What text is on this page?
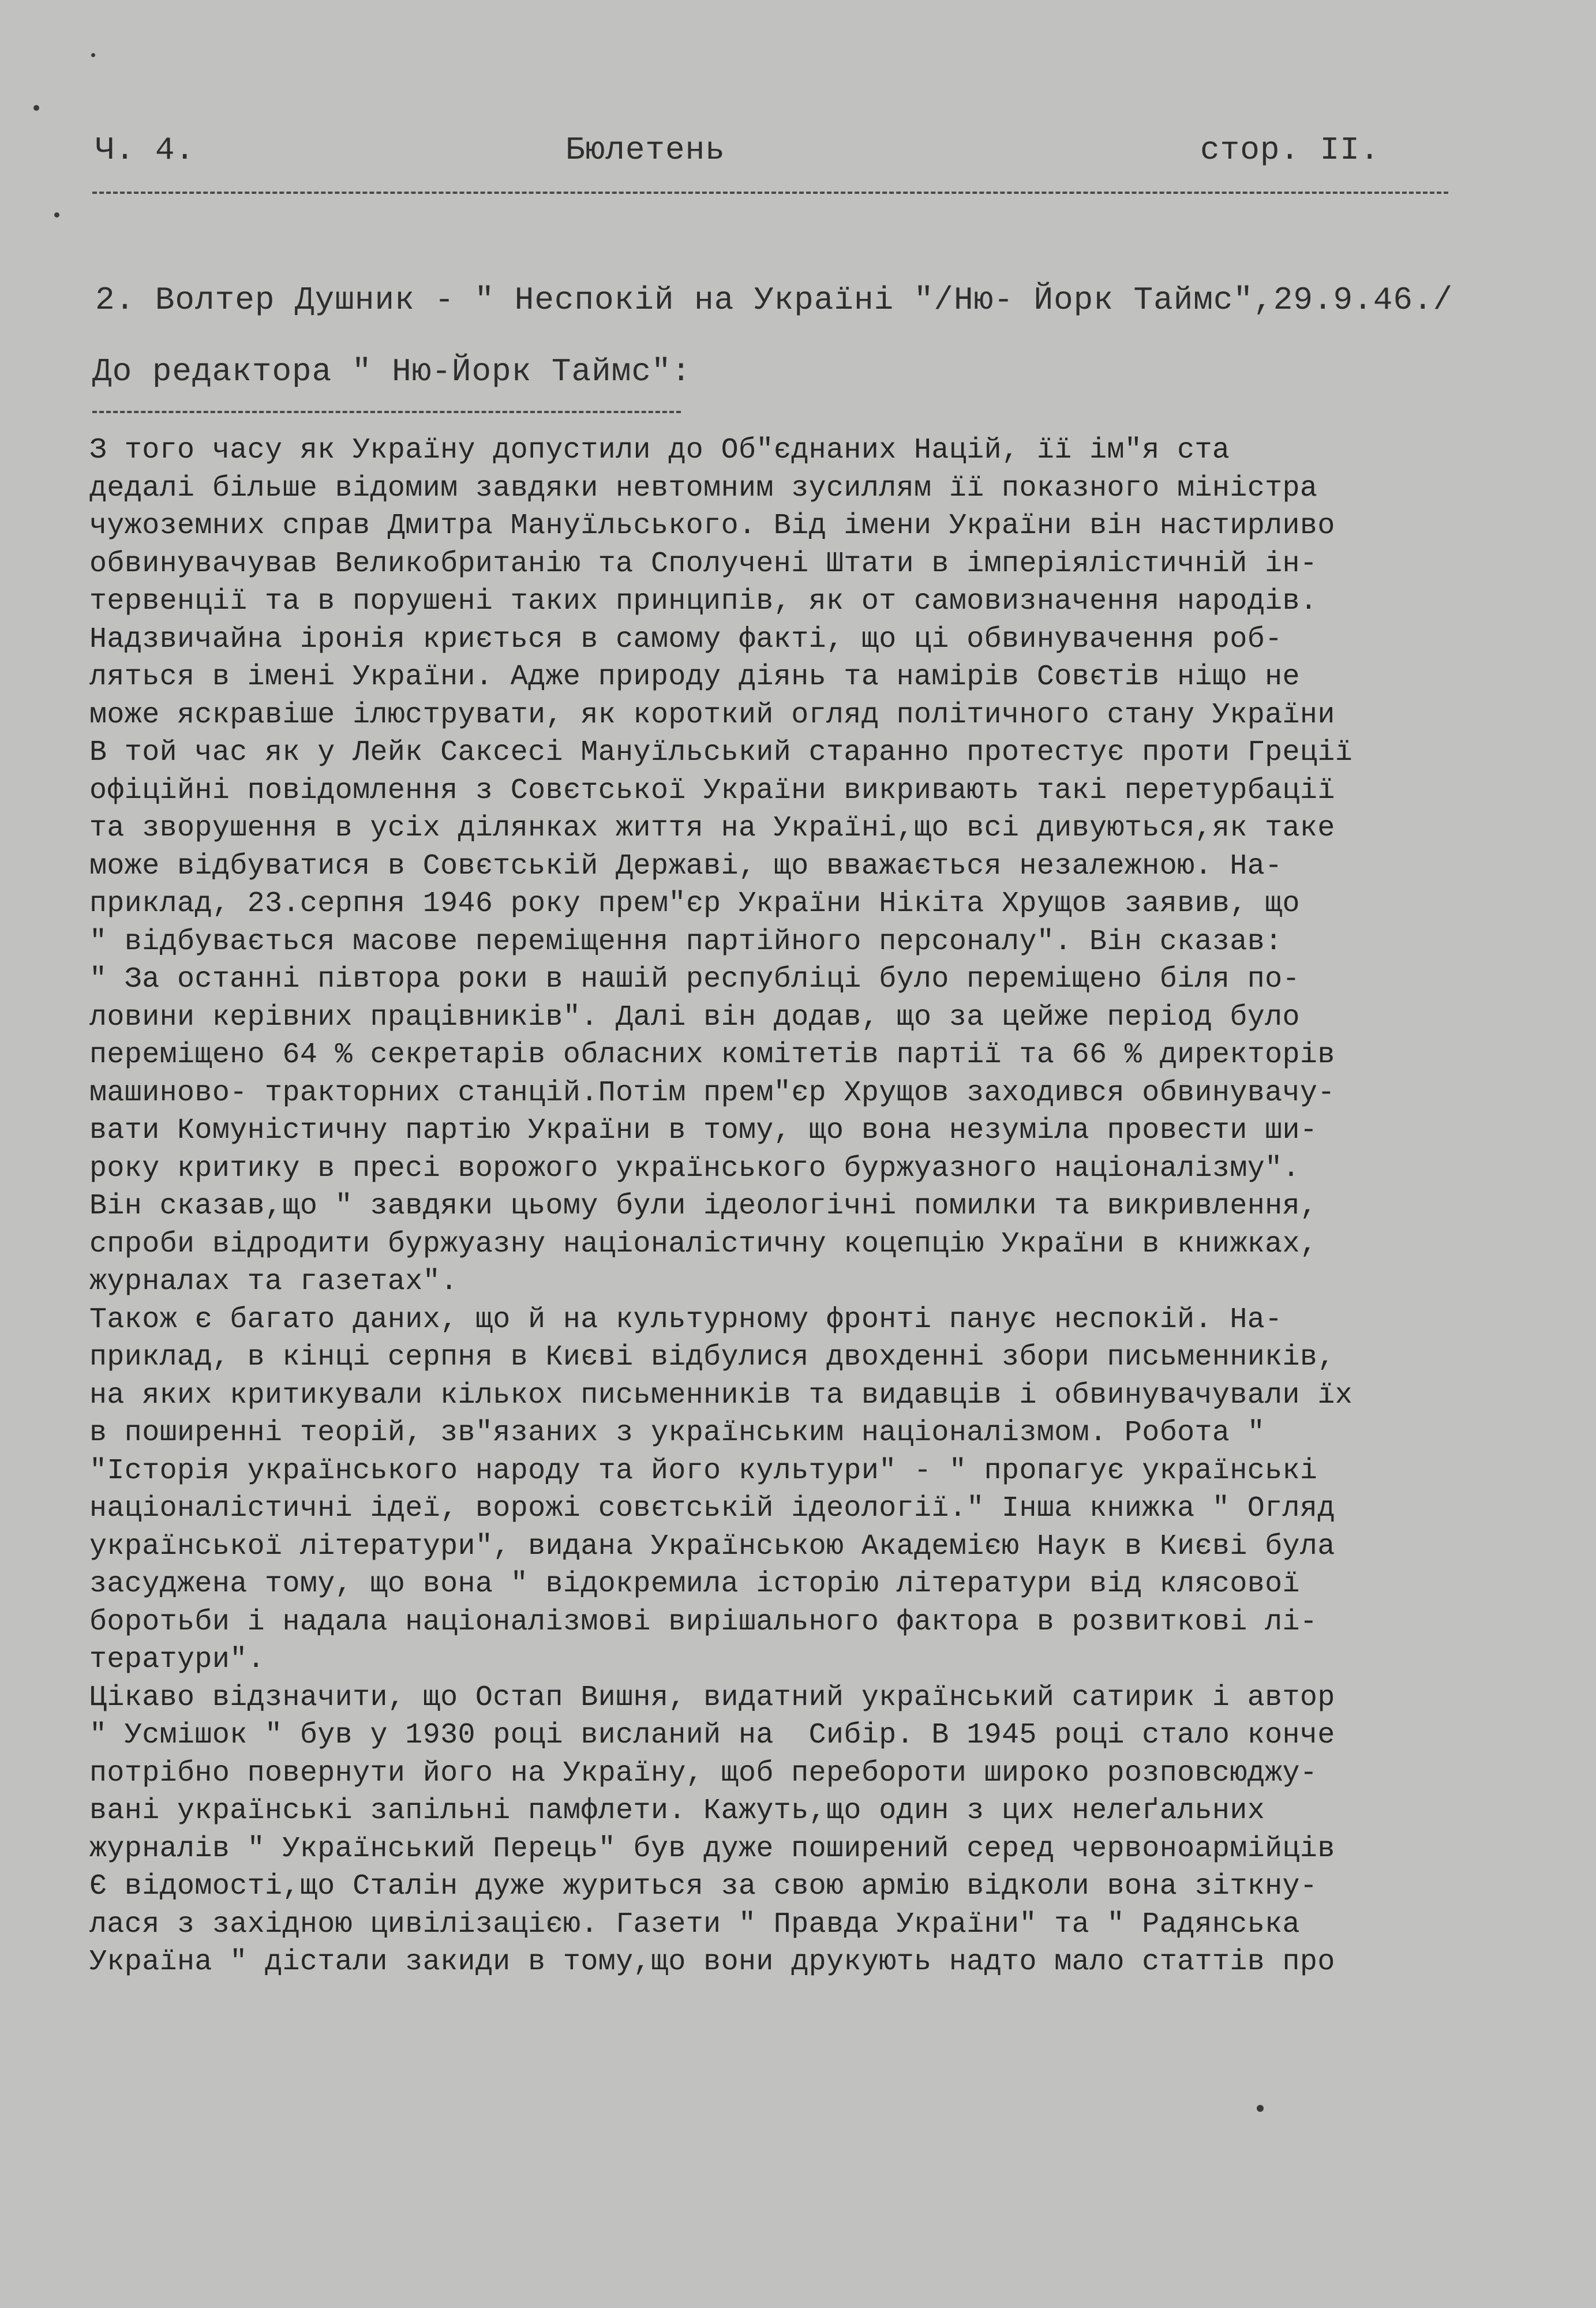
Ч. 4.	Бюлетень	стор. ІІ.
2. Волтер Душник - " Неспокій на Україні "/Ню- Йорк Таймс",29.9.46./
До редактора " Ню-Йорк Таймс":
З того часу як Україну допустили до Об"єднаних Націй, її ім"я ста
дедалі більше відомим завдяки невтомним зусиллям її показного міністра
чужоземних справ Дмитра Мануїльського. Від імени України він настирливо
обвинувачував Великобританію та Сполучені Штати в імперіялістичній ін-
тервенції та в порушені таких принципів, як от самовизначення народів.
Надзвичайна іронія криється в самому факті, що ці обвинувачення роб-
ляться в імені України. Адже природу діянь та намірів Совєтів ніщо не
може яскравіше ілюструвати, як короткий огляд політичного стану України
В той час як у Лейк Саксесі Мануїльський старанно протестує проти Греції
офіційні повідомлення з Совєтської України викривають такі перетурбації
та зворушення в усіх ділянках життя на Україні,що всі дивуються,як таке
може відбуватися в Совєтській Державі, що вважається незалежною. На-
приклад, 23.серпня 1946 року прем"єр України Нікіта Хрущов заявив, що
" відбувається масове переміщення партійного персоналу". Він сказав:
" За останні півтора роки в нашій республіці було переміщено біля по-
ловини керівних працівників". Далі він додав, що за цейже період було
переміщено 64 % секретарів обласних комітетів партії та 66 % директорів
машиново- тракторних станцій.Потім прем"єр Хрущов заходився обвинувачу-
вати Комуністичну партію України в тому, що вона незуміла провести ши-
року критику в пресі ворожого українського буржуазного націоналізму".
Він сказав,що " завдяки цьому були ідеологічні помилки та викривлення,
спроби відродити буржуазну націоналістичну коцепцію України в книжках,
журналах та газетах".
Також є багато даних, що й на культурному фронті панує неспокій. На-
приклад, в кінці серпня в Києві відбулися двохденні збори письменників,
на яких критикували кількох письменників та видавців і обвинувачували їх
в поширенні теорій, зв"язаних з українським націоналізмом. Робота "
"Історія українського народу та його культури" - " пропагує українські
націоналістичні ідеї, ворожі совєтській ідеології." Інша книжка " Огляд
української літератури", видана Українською Академією Наук в Києві була
засуджена тому, що вона " відокремила історію літератури від клясової
боротьби і надала націоналізмові вирішального фактора в розвиткові лі-
тератури".
Цікаво відзначити, що Остап Вишня, видатний український сатирик і автор
" Усмішок " був у 1930 році висланий на  Сибір. В 1945 році стало конче
потрібно повернути його на Україну, щоб перебороти широко розповсюджу-
вані українські запільні памфлети. Кажуть,що один з цих нелеґальних
журналів " Український Перець" був дуже поширений серед червоноармійців
Є відомості,що Сталін дуже журиться за свою армію відколи вона зіткну-
лася з західною цивілізацією. Газети " Правда України" та " Радянська
Україна " дістали закиди в тому,що вони друкують надто мало статтів про
